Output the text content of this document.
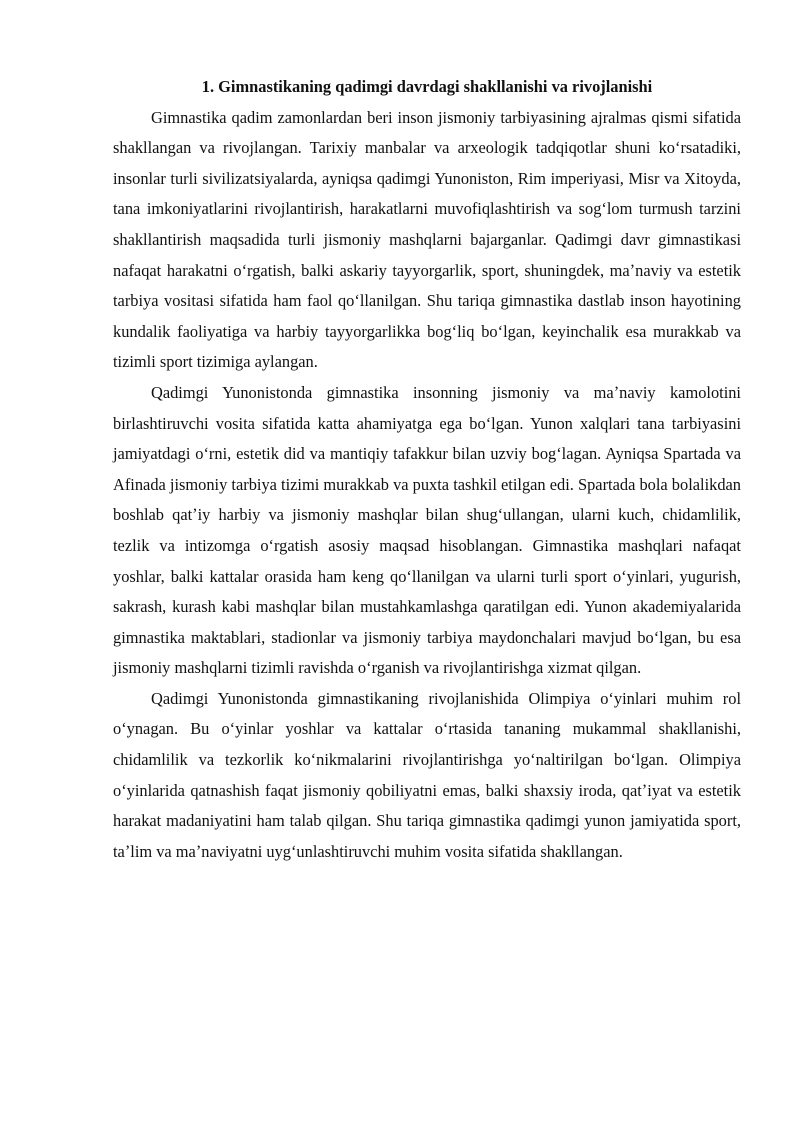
1. Gimnastikaning qadimgi davrdagi shakllanishi va rivojlanishi

Gimnastika qadim zamonlardan beri inson jismoniy tarbiyasining ajralmas qismi sifatida shakllangan va rivojlangan. Tarixiy manbalar va arxeologik tadqiqotlar shuni koʻrsatadiki, insonlar turli sivilizatsiyalarda, ayniqsa qadimgi Yunoniston, Rim imperiyasi, Misr va Xitoyda, tana imkoniyatlarini rivojlantirish, harakatlarni muvofiqlashtirish va sogʻlom turmush tarzini shakllantirish maqsadida turli jismoniy mashqlarni bajarganlar. Qadimgi davr gimnastikasi nafaqat harakatni oʻrgatish, balki askariy tayyorgarlik, sport, shuningdek, maʼnaviy va estetik tarbiya vositasi sifatida ham faol qoʻllanilgan. Shu tariqa gimnastika dastlab inson hayotining kundalik faoliyatiga va harbiy tayyorgarlikka bogʻliq boʻlgan, keyinchalik esa murakkab va tizimli sport tizimiga aylangan.

Qadimgi Yunonistonda gimnastika insonning jismoniy va maʼnaviy kamolotini birlashtiruvchi vosita sifatida katta ahamiyatga ega boʻlgan. Yunon xalqlari tana tarbiyasini jamiyatdagi oʻrni, estetik did va mantiqiy tafakkur bilan uzviy bogʻlagan. Ayniqsa Spartada va Afinada jismoniy tarbiya tizimi murakkab va puxta tashkil etilgan edi. Spartada bola bolalikdan boshlab qatʼiy harbiy va jismoniy mashqlar bilan shugʻullangan, ularni kuch, chidamlilik, tezlik va intizomga oʻrgatish asosiy maqsad hisoblangan. Gimnastika mashqlari nafaqat yoshlar, balki kattalar orasida ham keng qoʻllanilgan va ularni turli sport oʻyinlari, yugurish, sakrash, kurash kabi mashqlar bilan mustahkamlashga qaratilgan edi. Yunon akademiyalarida gimnastika maktablari, stadionlar va jismoniy tarbiya maydonchalari mavjud boʻlgan, bu esa jismoniy mashqlarni tizimli ravishda oʻrganish va rivojlantirishga xizmat qilgan.

Qadimgi Yunonistonda gimnastikaning rivojlanishida Olimpiya oʻyinlari muhim rol oʻynagan. Bu oʻyinlar yoshlar va kattalar oʻrtasida tananing mukammal shakllanishi, chidamlilik va tezkorlik koʻnikmalarini rivojlantirishga yoʻnaltirilgan boʻlgan. Olimpiya oʻyinlarida qatnashish faqat jismoniy qobiliyatni emas, balki shaxsiy iroda, qatʼiyat va estetik harakat madaniyatini ham talab qilgan. Shu tariqa gimnastika qadimgi yunon jamiyatida sport, taʼlim va maʼnaviyatni uygʻunlashtiruvchi muhim vosita sifatida shakllangan.
